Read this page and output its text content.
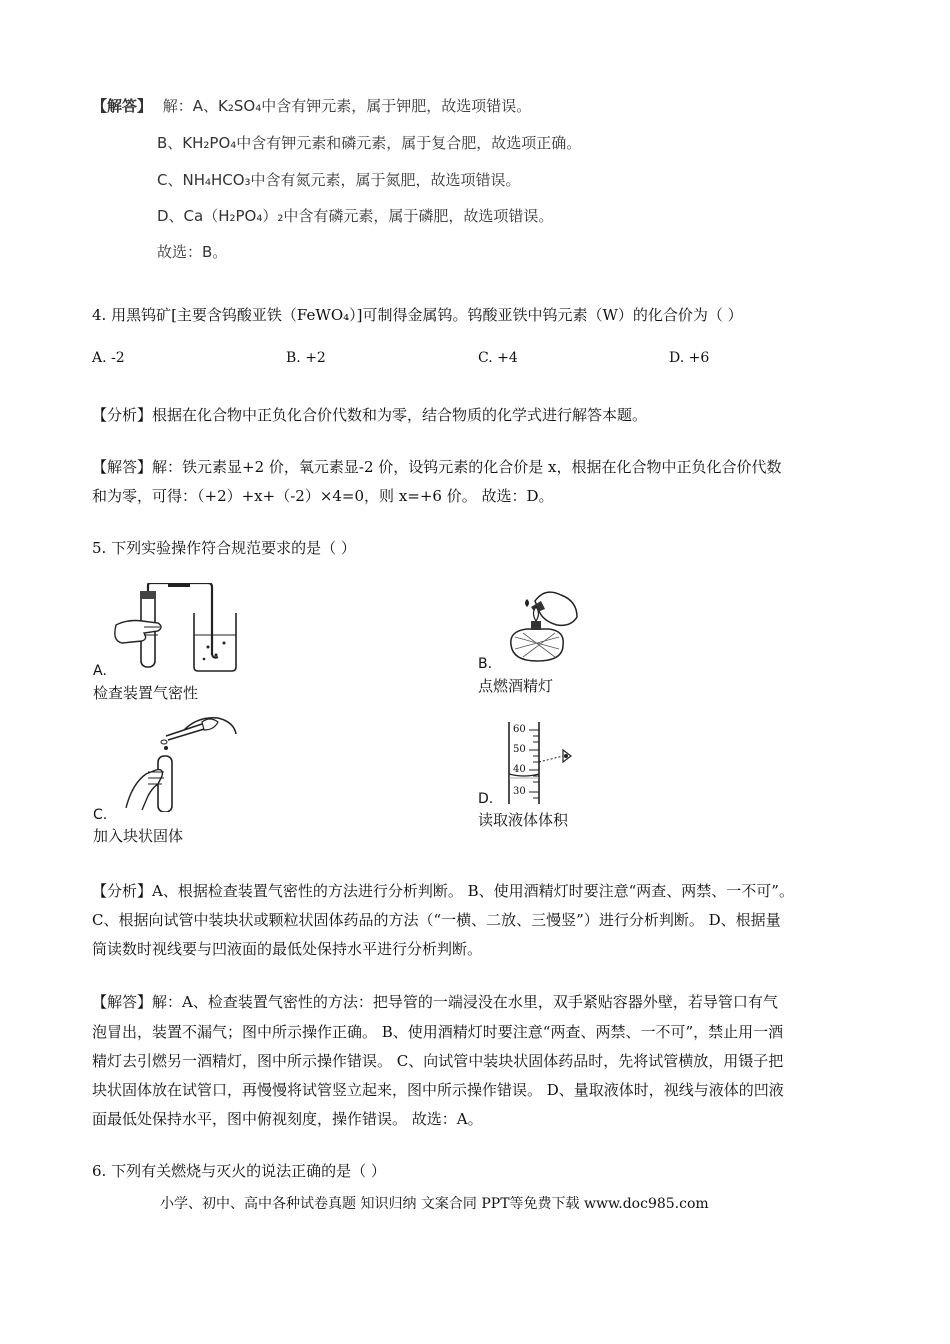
【解答】 解：A、K₂SO₄中含有钾元素，属于钾肥，故选项错误。
B、KH₂PO₄中含有钾元素和磷元素，属于复合肥，故选项正确。
C、NH₄HCO₃中含有氮元素，属于氮肥，故选项错误。
D、Ca（H₂PO₄）₂中含有磷元素，属于磷肥，故选项错误。
故选：B。
4. 用黑钨矿[主要含钨酸亚铁（FeWO₄）]可制得金属钨。钨酸亚铁中钨元素（W）的化合价为（ ）
A. -2	B. +2	C. +4	D. +6
【分析】根据在化合物中正负化合价代数和为零，结合物质的化学式进行解答本题。
【解答】解：铁元素显+2 价，氧元素显-2 价，设钨元素的化合价是 x，根据在化合物中正负化合价代数
和为零，可得：（+2）+x+（-2）×4=0，则 x=+6 价。 故选：D。
5. 下列实验操作符合规范要求的是（ ）
A.
检查装置气密性
B.
点燃酒精灯
C.
加入块状固体
60
50
40
30
D.
读取液体体积
【分析】A、根据检查装置气密性的方法进行分析判断。 B、使用酒精灯时要注意“两查、两禁、一不可”。
C、根据向试管中装块状或颗粒状固体药品的方法（“一横、二放、三慢竖”）进行分析判断。 D、根据量
筒读数时视线要与凹液面的最低处保持水平进行分析判断。
【解答】解：A、检查装置气密性的方法：把导管的一端浸没在水里，双手紧贴容器外壁，若导管口有气
泡冒出，装置不漏气；图中所示操作正确。 B、使用酒精灯时要注意“两查、两禁、一不可”，禁止用一酒
精灯去引燃另一酒精灯，图中所示操作错误。 C、向试管中装块状固体药品时，先将试管横放，用镊子把
块状固体放在试管口，再慢慢将试管竖立起来，图中所示操作错误。 D、量取液体时，视线与液体的凹液
面最低处保持水平，图中俯视刻度，操作错误。 故选：A。
6. 下列有关燃烧与灭火的说法正确的是（ ）
小学、初中、高中各种试卷真题 知识归纳 文案合同 PPT等免费下载 www.doc985.com
